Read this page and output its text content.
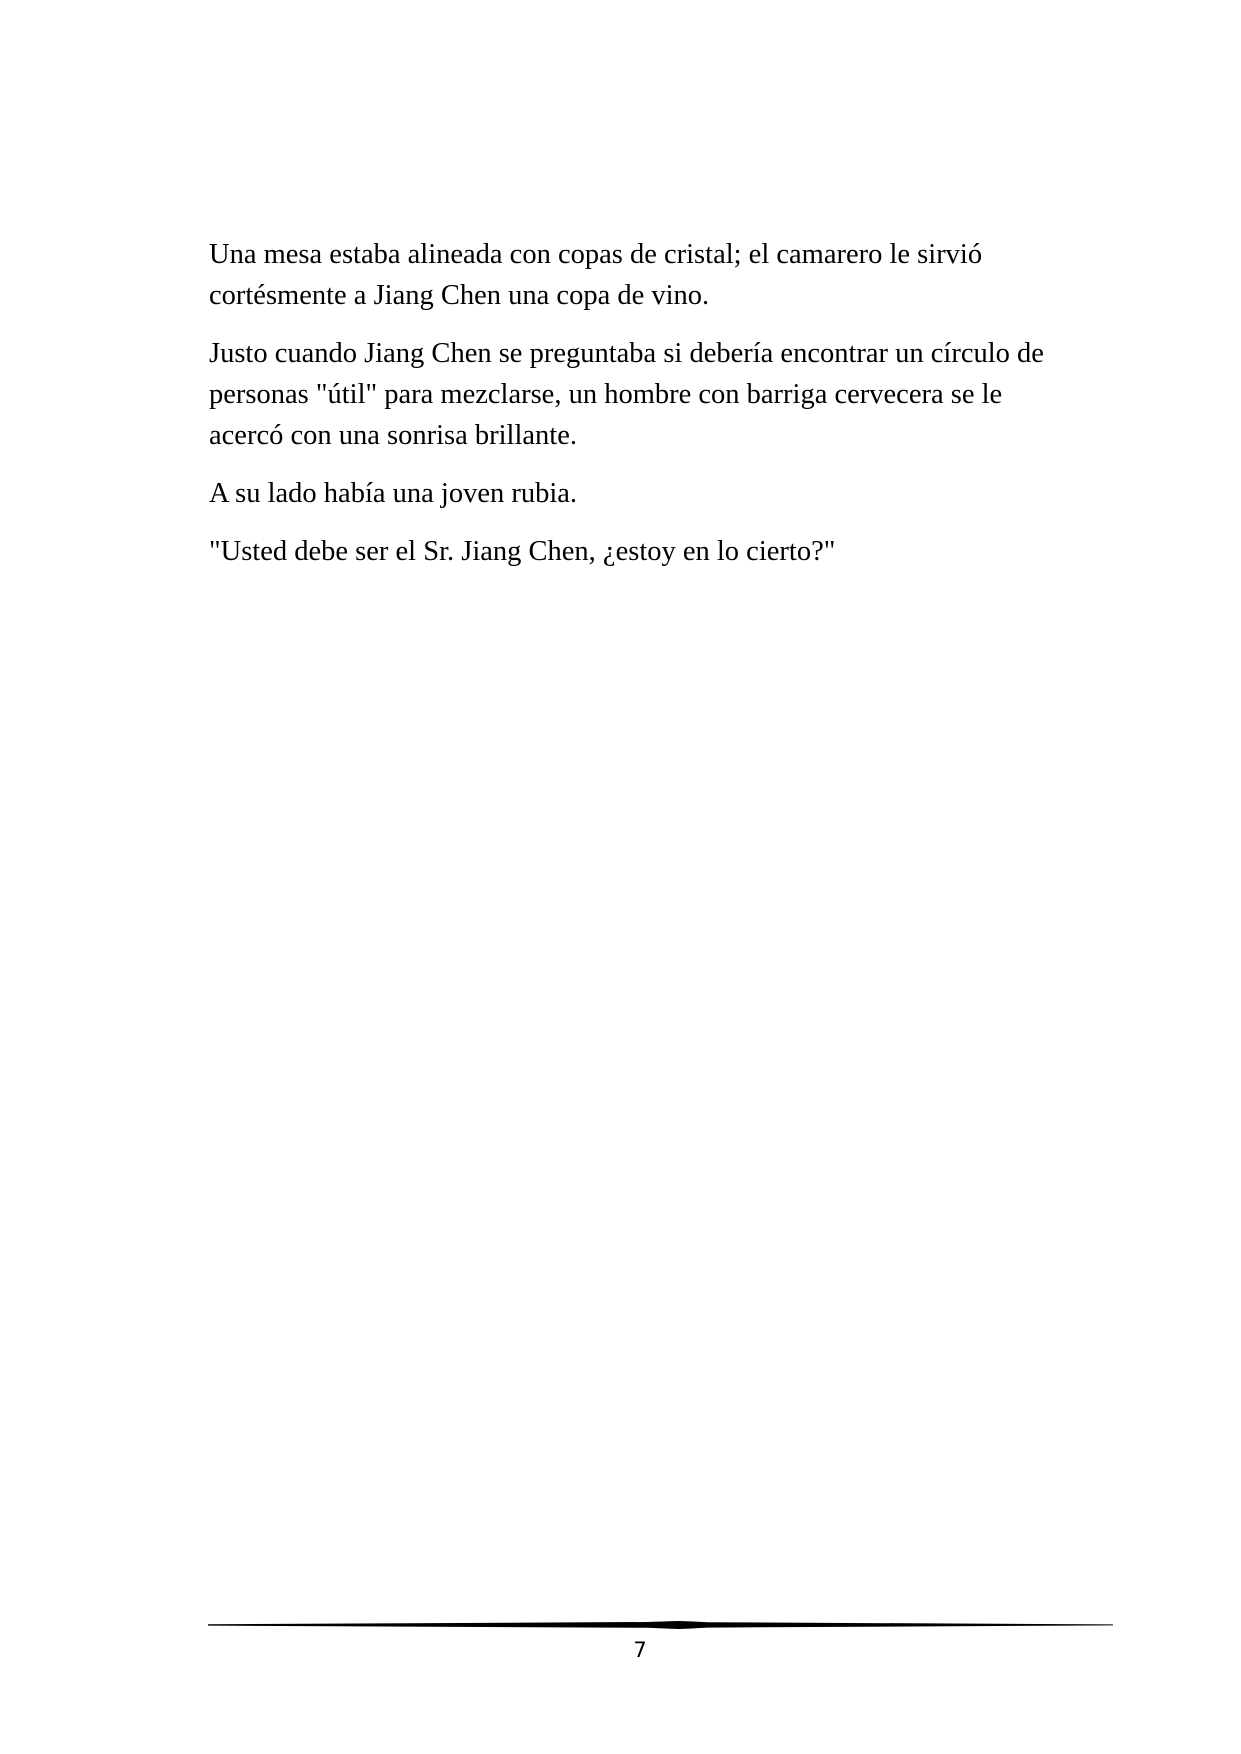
Una mesa estaba alineada con copas de cristal; el camarero le sirvió cortésmente a Jiang Chen una copa de vino.

Justo cuando Jiang Chen se preguntaba si debería encontrar un círculo de personas "útil" para mezclarse, un hombre con barriga cervecera se le acercó con una sonrisa brillante.

A su lado había una joven rubia.

"Usted debe ser el Sr. Jiang Chen, ¿estoy en lo cierto?"

7
